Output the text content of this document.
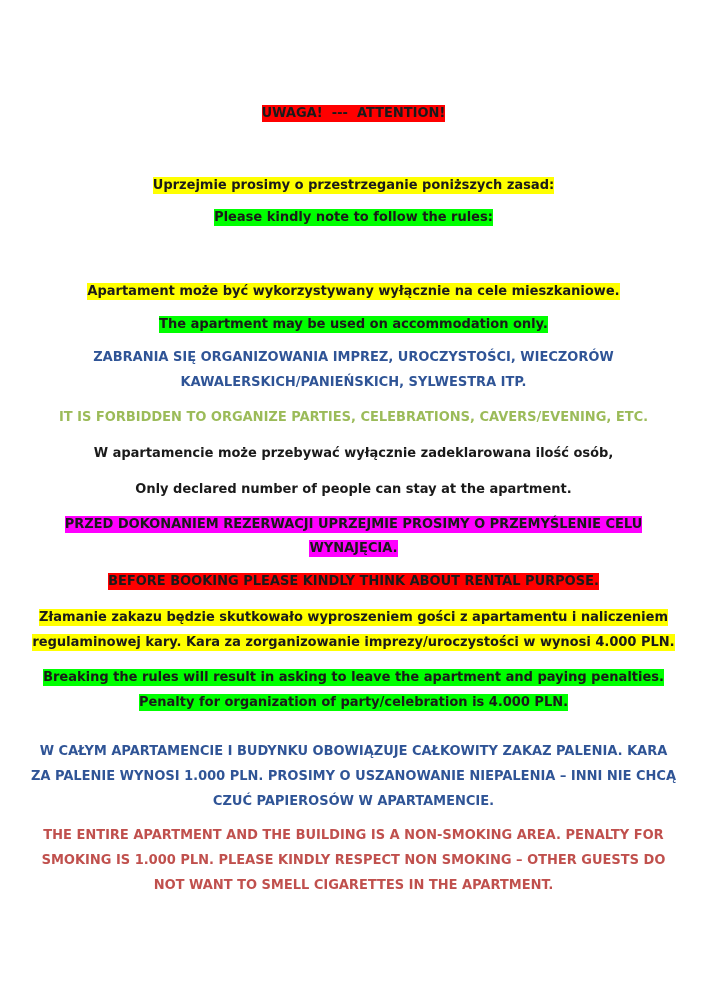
UWAGA!  ---  ATTENTION!
Uprzejmie prosimy o przestrzeganie poniższych zasad:
Please kindly note to follow the rules:
Apartament może być wykorzystywany wyłącznie na cele mieszkaniowe.
The apartment may be used on accommodation only.
ZABRANIA SIĘ ORGANIZOWANIA IMPREZ, UROCZYSTOŚCI, WIECZORÓW
KAWALERSKICH/PANIEŃSKICH, SYLWESTRA ITP.
IT IS FORBIDDEN TO ORGANIZE PARTIES, CELEBRATIONS, CAVERS/EVENING, ETC.
W apartamencie może przebywać wyłącznie zadeklarowana ilość osób,
Only declared number of people can stay at the apartment.
PRZED DOKONANIEM REZERWACJI UPRZEJMIE PROSIMY O PRZEMYŚLENIE CELU
WYNAJĘCIA.
BEFORE BOOKING PLEASE KINDLY THINK ABOUT RENTAL PURPOSE.
Złamanie zakazu będzie skutkowało wyproszeniem gości z apartamentu i naliczeniem
regulaminowej kary. Kara za zorganizowanie imprezy/uroczystości w wynosi 4.000 PLN.
Breaking the rules will result in asking to leave the apartment and paying penalties.
Penalty for organization of party/celebration is 4.000 PLN.
W CAŁYM APARTAMENCIE I BUDYNKU OBOWIĄZUJE CAŁKOWITY ZAKAZ PALENIA. KARA
ZA PALENIE WYNOSI 1.000 PLN. PROSIMY O USZANOWANIE NIEPALENIA – INNI NIE CHCĄ
CZUĆ PAPIEROSÓW W APARTAMENCIE.
THE ENTIRE APARTMENT AND THE BUILDING IS A NON-SMOKING AREA. PENALTY FOR
SMOKING IS 1.000 PLN. PLEASE KINDLY RESPECT NON SMOKING – OTHER GUESTS DO
NOT WANT TO SMELL CIGARETTES IN THE APARTMENT.
